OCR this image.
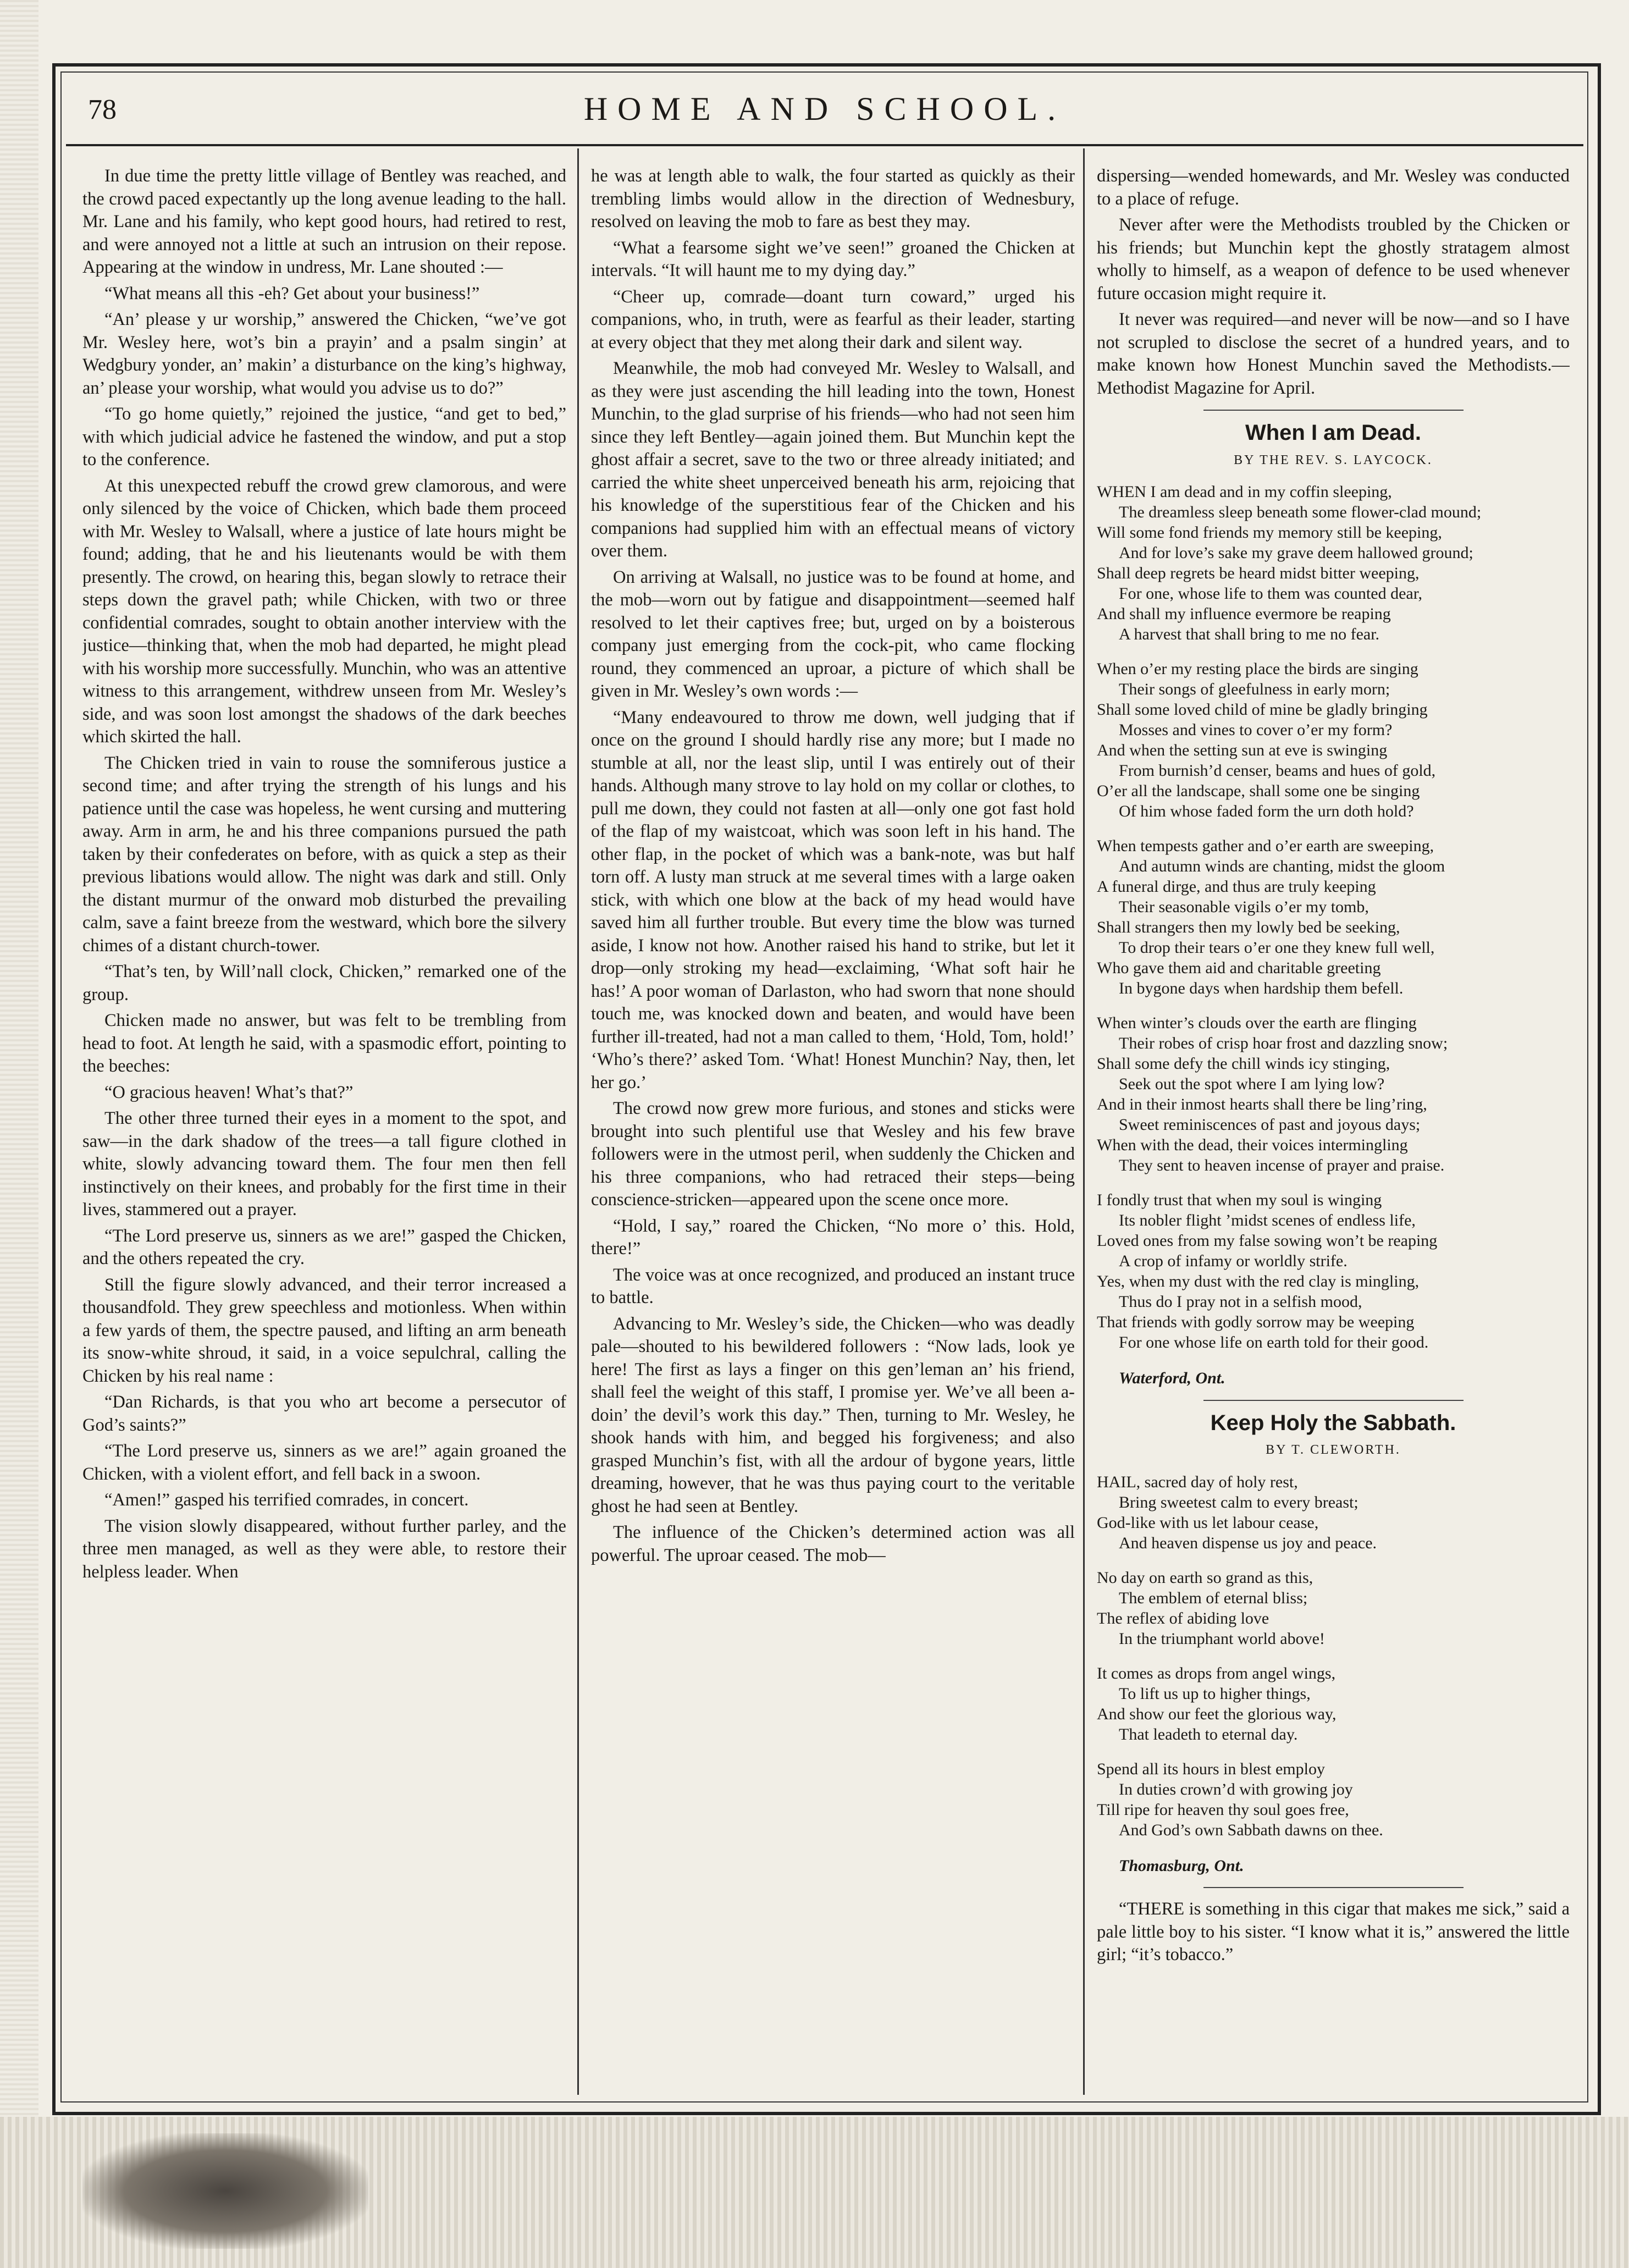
78	HOME AND SCHOOL.

In due time the pretty little village of Bentley was reached, and the crowd paced expectantly up the long avenue leading to the hall. Mr. Lane and his family, who kept good hours, had retired to rest, and were annoyed not a little at such an intrusion on their repose. Appearing at the window in undress, Mr. Lane shouted :—

“What means all this -eh? Get about your business!”

“An’ please y ur worship,” answered the Chicken, “we’ve got Mr. Wesley here, wot’s bin a prayin’ and a psalm singin’ at Wedgbury yonder, an’ makin’ a disturbance on the king’s highway, an’ please your worship, what would you advise us to do?”

“To go home quietly,” rejoined the justice, “and get to bed,” with which judicial advice he fastened the window, and put a stop to the conference.

At this unexpected rebuff the crowd grew clamorous, and were only silenced by the voice of Chicken, which bade them proceed with Mr. Wesley to Walsall, where a justice of late hours might be found; adding, that he and his lieutenants would be with them presently. The crowd, on hearing this, began slowly to retrace their steps down the gravel path; while Chicken, with two or three confidential comrades, sought to obtain another interview with the justice—thinking that, when the mob had departed, he might plead with his worship more successfully. Munchin, who was an attentive witness to this arrangement, withdrew unseen from Mr. Wesley’s side, and was soon lost amongst the shadows of the dark beeches which skirted the hall.

The Chicken tried in vain to rouse the somniferous justice a second time; and after trying the strength of his lungs and his patience until the case was hopeless, he went cursing and muttering away. Arm in arm, he and his three companions pursued the path taken by their confederates on before, with as quick a step as their previous libations would allow. The night was dark and still. Only the distant murmur of the onward mob disturbed the prevailing calm, save a faint breeze from the westward, which bore the silvery chimes of a distant church-tower.

“That’s ten, by Will’nall clock, Chicken,” remarked one of the group.

Chicken made no answer, but was felt to be trembling from head to foot. At length he said, with a spasmodic effort, pointing to the beeches:

“O gracious heaven! What’s that?”

The other three turned their eyes in a moment to the spot, and saw—in the dark shadow of the trees—a tall figure clothed in white, slowly advancing toward them. The four men then fell instinctively on their knees, and probably for the first time in their lives, stammered out a prayer.

“The Lord preserve us, sinners as we are!” gasped the Chicken, and the others repeated the cry.

Still the figure slowly advanced, and their terror increased a thousandfold. They grew speechless and motionless. When within a few yards of them, the spectre paused, and lifting an arm beneath its snow-white shroud, it said, in a voice sepulchral, calling the Chicken by his real name :

“Dan Richards, is that you who art become a persecutor of God’s saints?”

“The Lord preserve us, sinners as we are!” again groaned the Chicken, with a violent effort, and fell back in a swoon.

“Amen!” gasped his terrified comrades, in concert.

The vision slowly disappeared, without further parley, and the three men managed, as well as they were able, to restore their helpless leader. When

he was at length able to walk, the four started as quickly as their trembling limbs would allow in the direction of Wednesbury, resolved on leaving the mob to fare as best they may.

“What a fearsome sight we’ve seen!” groaned the Chicken at intervals. “It will haunt me to my dying day.”

“Cheer up, comrade—doant turn coward,” urged his companions, who, in truth, were as fearful as their leader, starting at every object that they met along their dark and silent way.

Meanwhile, the mob had conveyed Mr. Wesley to Walsall, and as they were just ascending the hill leading into the town, Honest Munchin, to the glad surprise of his friends—who had not seen him since they left Bentley—again joined them. But Munchin kept the ghost affair a secret, save to the two or three already initiated; and carried the white sheet unperceived beneath his arm, rejoicing that his knowledge of the superstitious fear of the Chicken and his companions had supplied him with an effectual means of victory over them.

On arriving at Walsall, no justice was to be found at home, and the mob—worn out by fatigue and disappointment—seemed half resolved to let their captives free; but, urged on by a boisterous company just emerging from the cock-pit, who came flocking round, they commenced an uproar, a picture of which shall be given in Mr. Wesley’s own words :—

“Many endeavoured to throw me down, well judging that if once on the ground I should hardly rise any more; but I made no stumble at all, nor the least slip, until I was entirely out of their hands. Although many strove to lay hold on my collar or clothes, to pull me down, they could not fasten at all—only one got fast hold of the flap of my waistcoat, which was soon left in his hand. The other flap, in the pocket of which was a bank-note, was but half torn off. A lusty man struck at me several times with a large oaken stick, with which one blow at the back of my head would have saved him all further trouble. But every time the blow was turned aside, I know not how. Another raised his hand to strike, but let it drop—only stroking my head—exclaiming, ‘What soft hair he has!’ A poor woman of Darlaston, who had sworn that none should touch me, was knocked down and beaten, and would have been further ill-treated, had not a man called to them, ‘Hold, Tom, hold!’ ‘Who’s there?’ asked Tom. ‘What! Honest Munchin? Nay, then, let her go.’

The crowd now grew more furious, and stones and sticks were brought into such plentiful use that Wesley and his few brave followers were in the utmost peril, when suddenly the Chicken and his three companions, who had retraced their steps—being conscience-stricken—appeared upon the scene once more.

“Hold, I say,” roared the Chicken, “No more o’ this. Hold, there!”

The voice was at once recognized, and produced an instant truce to battle.

Advancing to Mr. Wesley’s side, the Chicken—who was deadly pale—shouted to his bewildered followers : “Now lads, look ye here! The first as lays a finger on this gen’leman an’ his friend, shall feel the weight of this staff, I promise yer. We’ve all been a-doin’ the devil’s work this day.” Then, turning to Mr. Wesley, he shook hands with him, and begged his forgiveness; and also grasped Munchin’s fist, with all the ardour of bygone years, little dreaming, however, that he was thus paying court to the veritable ghost he had seen at Bentley.

The influence of the Chicken’s determined action was all powerful. The uproar ceased. The mob—

dispersing—wended homewards, and Mr. Wesley was conducted to a place of refuge.

Never after were the Methodists troubled by the Chicken or his friends; but Munchin kept the ghostly stratagem almost wholly to himself, as a weapon of defence to be used whenever future occasion might require it.

It never was required—and never will be now—and so I have not scrupled to disclose the secret of a hundred years, and to make known how Honest Munchin saved the Methodists.—Methodist Magazine for April.

When I am Dead.
BY THE REV. S. LAYCOCK.
WHEN I am dead and in my coffin sleeping,
The dreamless sleep beneath some flower-clad mound;
Will some fond friends my memory still be keeping,
And for love’s sake my grave deem hallowed ground;
Shall deep regrets be heard midst bitter weeping,
For one, whose life to them was counted dear,
And shall my influence evermore be reaping
A harvest that shall bring to me no fear.
When o’er my resting place the birds are singing
Their songs of gleefulness in early morn;
Shall some loved child of mine be gladly bringing
Mosses and vines to cover o’er my form?
And when the setting sun at eve is swinging
From burnish’d censer, beams and hues of gold,
O’er all the landscape, shall some one be singing
Of him whose faded form the urn doth hold?
When tempests gather and o’er earth are sweeping,
And autumn winds are chanting, midst the gloom
A funeral dirge, and thus are truly keeping
Their seasonable vigils o’er my tomb,
Shall strangers then my lowly bed be seeking,
To drop their tears o’er one they knew full well,
Who gave them aid and charitable greeting
In bygone days when hardship them befell.
When winter’s clouds over the earth are flinging
Their robes of crisp hoar frost and dazzling snow;
Shall some defy the chill winds icy stinging,
Seek out the spot where I am lying low?
And in their inmost hearts shall there be ling’ring,
Sweet reminiscences of past and joyous days;
When with the dead, their voices intermingling
They sent to heaven incense of prayer and praise.
I fondly trust that when my soul is winging
Its nobler flight ’midst scenes of endless life,
Loved ones from my false sowing won’t be reaping
A crop of infamy or worldly strife.
Yes, when my dust with the red clay is mingling,
Thus do I pray not in a selfish mood,
That friends with godly sorrow may be weeping
For one whose life on earth told for their good.
Waterford, Ont.
Keep Holy the Sabbath.
BY T. CLEWORTH.
HAIL, sacred day of holy rest,
Bring sweetest calm to every breast;
God-like with us let labour cease,
And heaven dispense us joy and peace.
No day on earth so grand as this,
The emblem of eternal bliss;
The reflex of abiding love
In the triumphant world above!
It comes as drops from angel wings,
To lift us up to higher things,
And show our feet the glorious way,
That leadeth to eternal day.
Spend all its hours in blest employ
In duties crown’d with growing joy
Till ripe for heaven thy soul goes free,
And God’s own Sabbath dawns on thee.
Thomasburg, Ont.

“THERE is something in this cigar that makes me sick,” said a pale little boy to his sister. “I know what it is,” answered the little girl; “it’s tobacco.”
